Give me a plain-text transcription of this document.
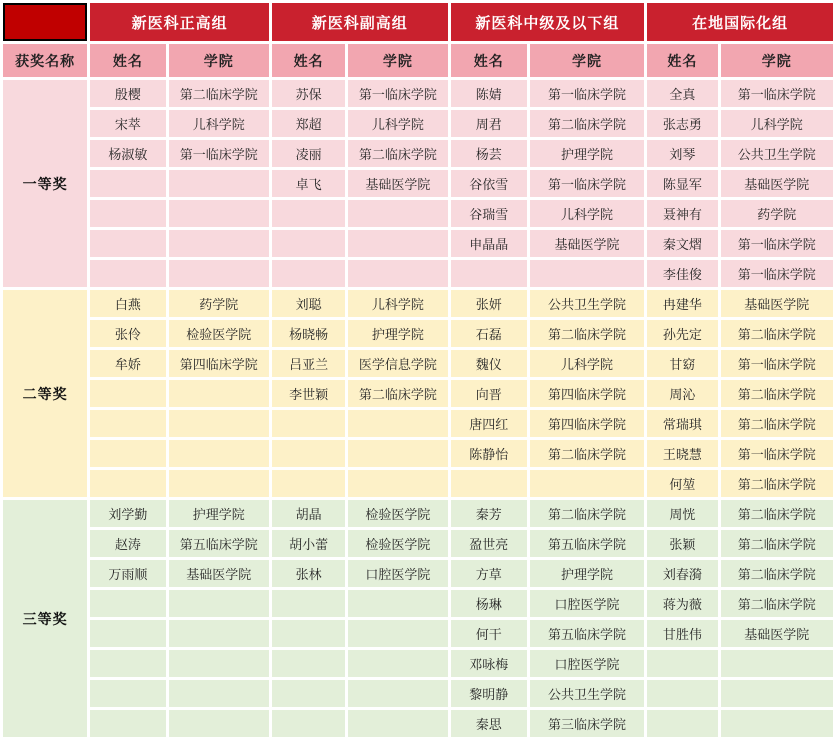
	新医科正高组		新医科副高组		新医科中级及以下组		在地国际化组	
获奖名称	姓名	学院	姓名	学院	姓名	学院	姓名	学院
一等奖	殷樱	第二临床学院	苏保	第一临床学院	陈婧	第一临床学院	全真	第一临床学院
	宋萃	儿科学院	郑超	儿科学院	周君	第二临床学院	张志勇	儿科学院
	杨淑敏	第一临床学院	凌丽	第二临床学院	杨芸	护理学院	刘琴	公共卫生学院
			卓飞	基础医学院	谷依雪	第一临床学院	陈显军	基础医学院
					谷瑞雪	儿科学院	聂神有	药学院
					申晶晶	基础医学院	秦文熠	第一临床学院
							李佳俊	第一临床学院
二等奖	白燕	药学院	刘聪	儿科学院	张妍	公共卫生学院	冉建华	基础医学院
	张伶	检验医学院	杨晓畅	护理学院	石磊	第二临床学院	孙先定	第二临床学院
	牟娇	第四临床学院	吕亚兰	医学信息学院	魏仪	儿科学院	甘窈	第一临床学院
			李世颖	第二临床学院	向晋	第四临床学院	周沁	第二临床学院
					唐四红	第四临床学院	常瑞琪	第二临床学院
					陈静怡	第二临床学院	王晓慧	第一临床学院
							何堃	第二临床学院
三等奖	刘学勤	护理学院	胡晶	检验医学院	秦芳	第二临床学院	周恍	第二临床学院
	赵涛	第五临床学院	胡小蕾	检验医学院	盈世亮	第五临床学院	张颖	第二临床学院
	万雨顺	基础医学院	张林	口腔医学院	方草	护理学院	刘春漪	第二临床学院
					杨琳	口腔医学院	蒋为薇	第二临床学院
					何干	第五临床学院	甘胜伟	基础医学院
					邓咏梅	口腔医学院		
					黎明静	公共卫生学院		
					秦思	第三临床学院		
